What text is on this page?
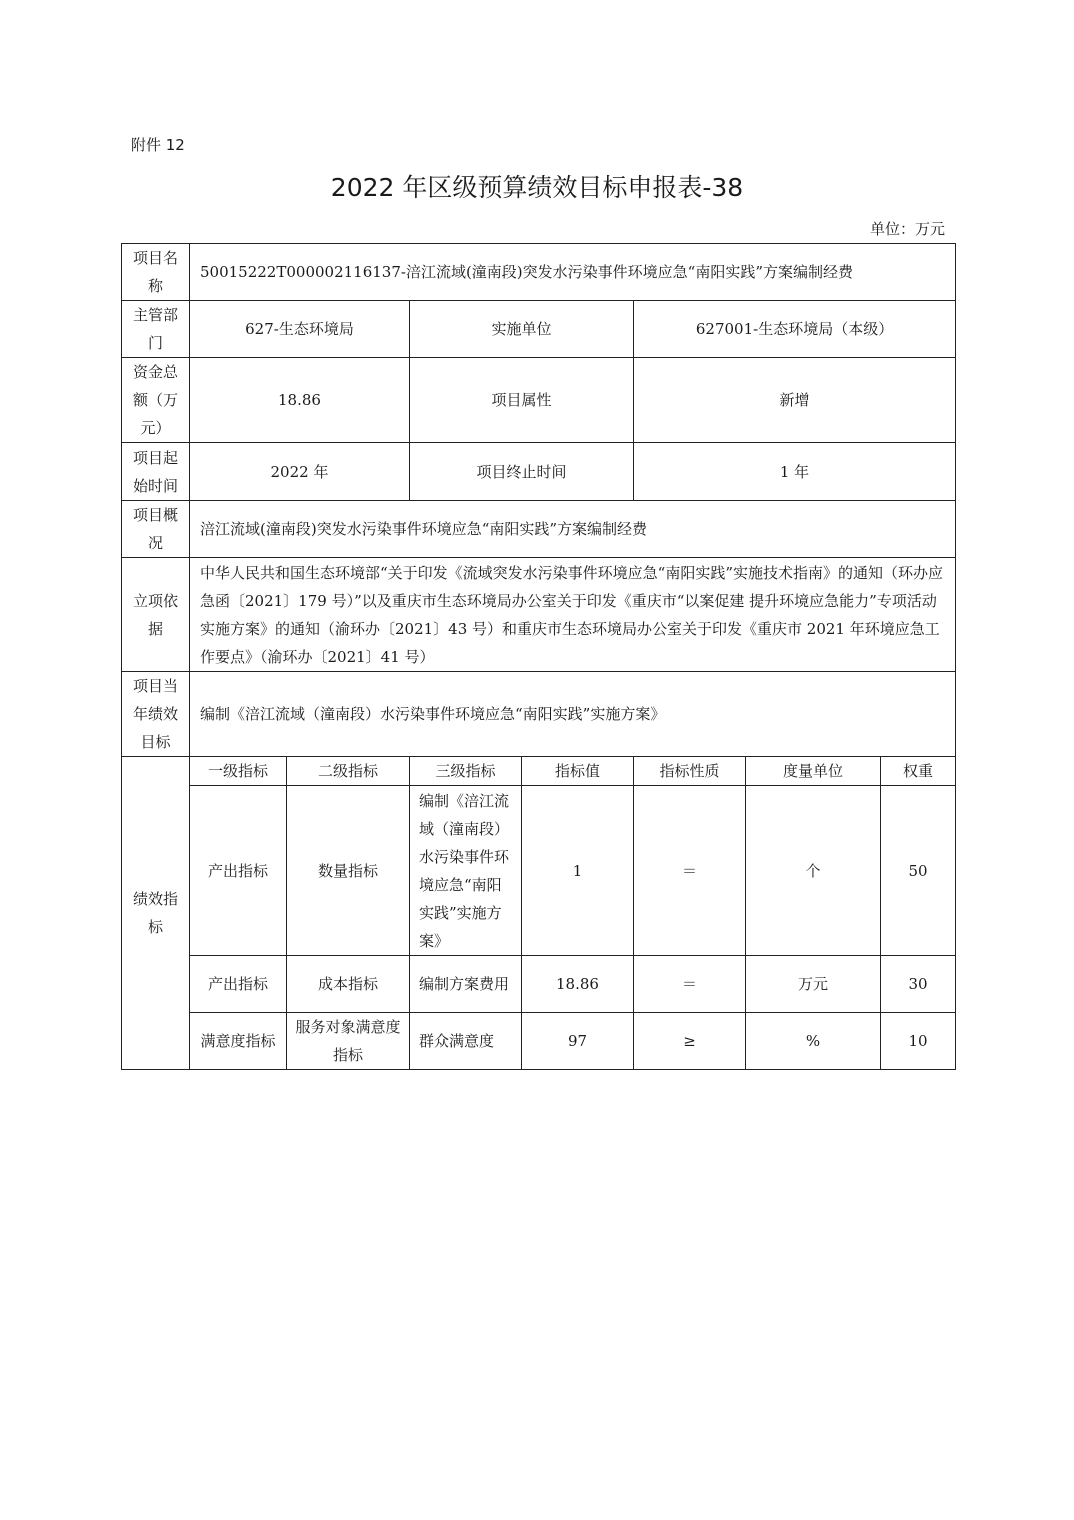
附件 12
2022 年区级预算绩效目标申报表-38
单位：万元
项目名称	50015222T000002116137-涪江流域(潼南段)突发水污染事件环境应急“南阳实践”方案编制经费						
主管部门	627-生态环境局		实施单位		627001-生态环境局（本级）		
资金总额（万元）	18.86		项目属性		新增		
项目起始时间	2022 年		项目终止时间		1 年		
项目概况	涪江流域(潼南段)突发水污染事件环境应急“南阳实践”方案编制经费						
立项依据	中华人民共和国生态环境部“关于印发《流域突发水污染事件环境应急“南阳实践”实施技术指南》的通知（环办应急函〔2021〕179 号）”以及重庆市生态环境局办公室关于印发《重庆市“以案促建 提升环境应急能力”专项活动实施方案》的通知（渝环办〔2021〕43 号）和重庆市生态环境局办公室关于印发《重庆市 2021 年环境应急工作要点》（渝环办〔2021〕41 号）						
项目当年绩效目标	编制《涪江流域（潼南段）水污染事件环境应急“南阳实践”实施方案》						
绩效指标	一级指标	二级指标	三级指标	指标值	指标性质	度量单位	权重
	产出指标	数量指标	编制《涪江流域（潼南段）水污染事件环境应急“南阳实践”实施方案》	1	＝	个	50
	产出指标	成本指标	编制方案费用	18.86	＝	万元	30
	满意度指标	服务对象满意度指标	群众满意度	97	≥	%	10
